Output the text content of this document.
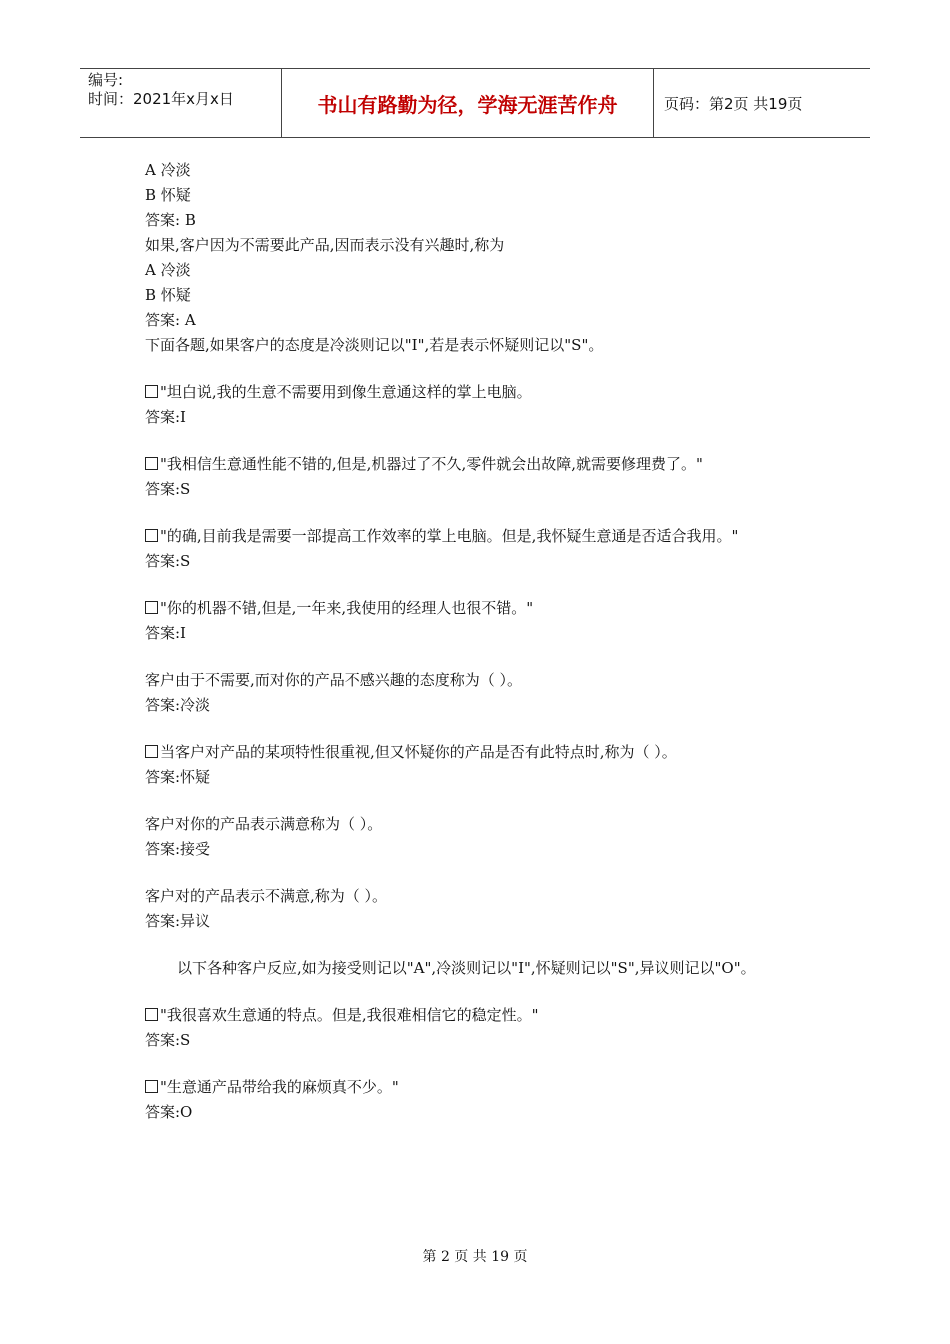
编号:
时间：2021年x月x日	书山有路勤为径，学海无涯苦作舟	页码：第2页 共19页
A 冷淡
B 怀疑
答案: B
如果,客户因为不需要此产品,因而表示没有兴趣时,称为
A 冷淡
B 怀疑
答案: A
下面各题,如果客户的态度是冷淡则记以"I",若是表示怀疑则记以"S"。
"坦白说,我的生意不需要用到像生意通这样的掌上电脑。
答案:I
"我相信生意通性能不错的,但是,机器过了不久,零件就会出故障,就需要修理费了。"
答案:S
"的确,目前我是需要一部提高工作效率的掌上电脑。但是,我怀疑生意通是否适合我用。"
答案:S
"你的机器不错,但是,一年来,我使用的经理人也很不错。"
答案:I
客户由于不需要,而对你的产品不感兴趣的态度称为（ ）。
答案:冷淡
当客户对产品的某项特性很重视,但又怀疑你的产品是否有此特点时,称为（ ）。
答案:怀疑
客户对你的产品表示满意称为（ ）。
答案:接受
客户对的产品表示不满意,称为（ ）。
答案:异议
以下各种客户反应,如为接受则记以"A",冷淡则记以"I",怀疑则记以"S",异议则记以"O"。
"我很喜欢生意通的特点。但是,我很难相信它的稳定性。"
答案:S
"生意通产品带给我的麻烦真不少。"
答案:O
第 2 页 共 19 页
